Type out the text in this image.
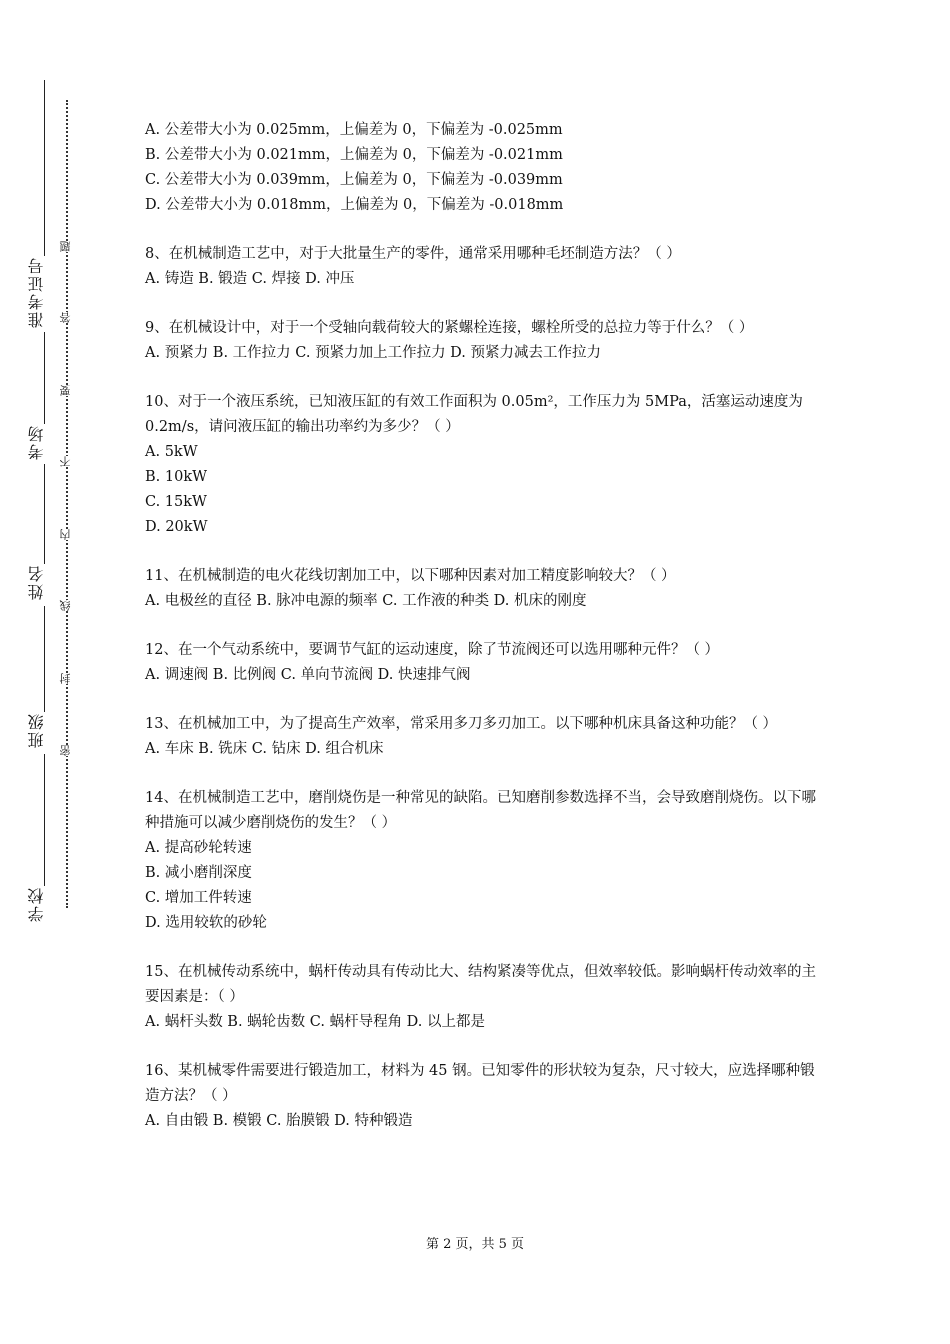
准考证号
考场
姓名
班级
学校
题
答
要
不
内
线
封
密
A. 公差带大小为 0.025mm，上偏差为 0，下偏差为 -0.025mm
B. 公差带大小为 0.021mm，上偏差为 0，下偏差为 -0.021mm
C. 公差带大小为 0.039mm，上偏差为 0，下偏差为 -0.039mm
D. 公差带大小为 0.018mm，上偏差为 0，下偏差为 -0.018mm
8、在机械制造工艺中，对于大批量生产的零件，通常采用哪种毛坯制造方法？（ ）
A. 铸造 B. 锻造 C. 焊接 D. 冲压
9、在机械设计中，对于一个受轴向载荷较大的紧螺栓连接，螺栓所受的总拉力等于什么？（ ）
A. 预紧力 B. 工作拉力 C. 预紧力加上工作拉力 D. 预紧力减去工作拉力
10、对于一个液压系统，已知液压缸的有效工作面积为 0.05m²，工作压力为 5MPa，活塞运动速度为 0.2m/s，请问液压缸的输出功率约为多少？（ ）
A. 5kW
B. 10kW
C. 15kW
D. 20kW
11、在机械制造的电火花线切割加工中，以下哪种因素对加工精度影响较大？（ ）
A. 电极丝的直径 B. 脉冲电源的频率 C. 工作液的种类 D. 机床的刚度
12、在一个气动系统中，要调节气缸的运动速度，除了节流阀还可以选用哪种元件？（ ）
A. 调速阀 B. 比例阀 C. 单向节流阀 D. 快速排气阀
13、在机械加工中，为了提高生产效率，常采用多刀多刃加工。以下哪种机床具备这种功能？（ ）
A. 车床 B. 铣床 C. 钻床 D. 组合机床
14、在机械制造工艺中，磨削烧伤是一种常见的缺陷。已知磨削参数选择不当，会导致磨削烧伤。以下哪种措施可以减少磨削烧伤的发生？（ ）
A. 提高砂轮转速
B. 减小磨削深度
C. 增加工件转速
D. 选用较软的砂轮
15、在机械传动系统中，蜗杆传动具有传动比大、结构紧凑等优点，但效率较低。影响蜗杆传动效率的主要因素是：（ ）
A. 蜗杆头数 B. 蜗轮齿数 C. 蜗杆导程角 D. 以上都是
16、某机械零件需要进行锻造加工，材料为 45 钢。已知零件的形状较为复杂，尺寸较大，应选择哪种锻造方法？（ ）
A. 自由锻 B. 模锻 C. 胎膜锻 D. 特种锻造
第 2 页，共 5 页
